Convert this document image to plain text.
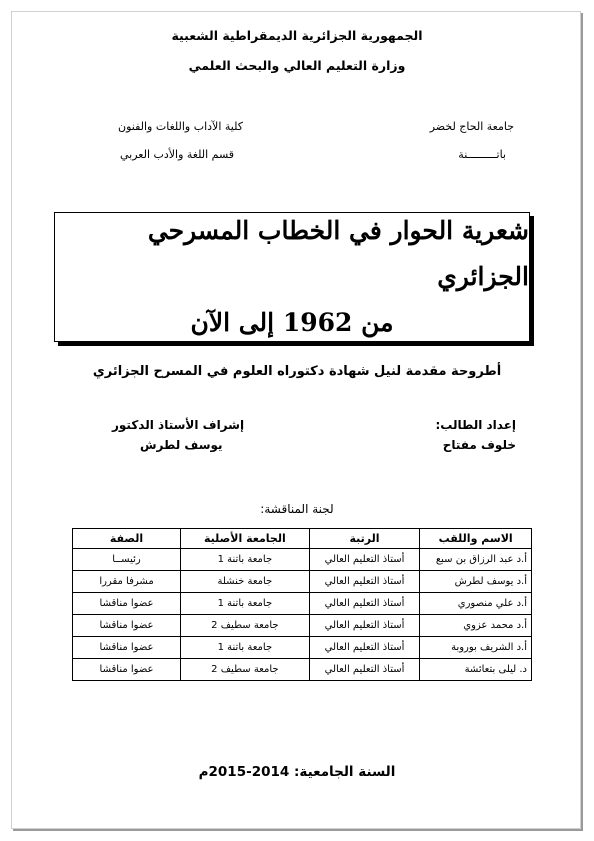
الجمهورية الجزائرية الديمقراطية الشعبية
وزارة التعليم العالي والبحث العلمي
جامعة الحاج لخضر
باتـــــــــنة
كلية الآداب واللغات والفنون
قسم اللغة والأدب العربي
شعرية الحوار في الخطاب المسرحي الجزائري
من 1962 إلى الآن
أطروحة مقدمة لنيل شهادة دكتوراه العلوم في المسرح الجزائري
إعداد الطالب:
خلوف مفتاح
إشراف الأستاذ الدكتور
يوسف لطرش
لجنة المناقشة:
الاسم واللقب	الرتبة	الجامعة الأصلية	الصفة
أ.د عبد الرزاق بن سبع	أستاذ التعليم العالي	جامعة باتنة 1	رئيســا
أ.د يوسف لطرش	أستاذ التعليم العالي	جامعة خنشلة	مشرفا مقررا
أ.د علي منصوري	أستاذ التعليم العالي	جامعة باتنة 1	عضوا مناقشا
أ.د محمد عزوي	أستاذ التعليم العالي	جامعة سطيف 2	عضوا مناقشا
أ.د الشريف بوروبة	أستاذ التعليم العالي	جامعة باتنة 1	عضوا مناقشا
د. ليلى بتعائشة	أستاذ التعليم العالي	جامعة سطيف 2	عضوا مناقشا
السنة الجامعية: 2014-2015م
